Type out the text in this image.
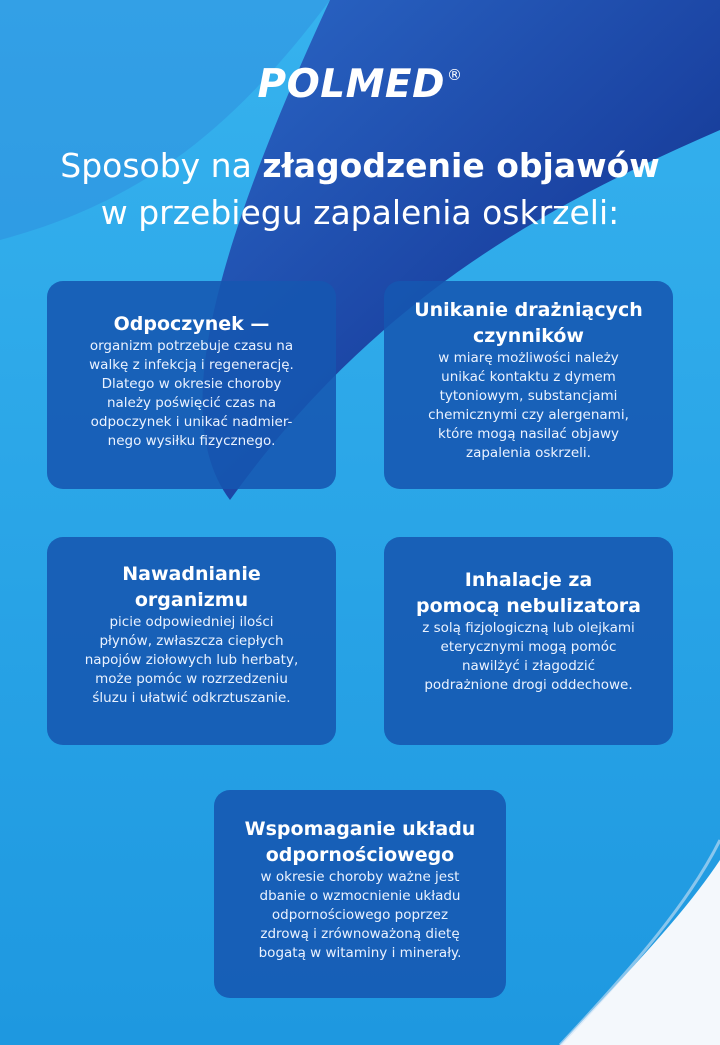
POLMED ®
Sposoby na złagodzenie objawów
w przebiegu zapalenia oskrzeli:
Odpoczynek —
organizm potrzebuje czasu na
walkę z infekcją i regenerację.
Dlatego w okresie choroby
należy poświęcić czas na
odpoczynek i unikać nadmier-
nego wysiłku fizycznego.
Unikanie drażniących
czynników
w miarę możliwości należy
unikać kontaktu z dymem
tytoniowym, substancjami
chemicznymi czy alergenami,
które mogą nasilać objawy
zapalenia oskrzeli.
Nawadnianie
organizmu
picie odpowiedniej ilości
płynów, zwłaszcza ciepłych
napojów ziołowych lub herbaty,
może pomóc w rozrzedzeniu
śluzu i ułatwić odkrztuszanie.
Inhalacje za
pomocą nebulizatora
z solą fizjologiczną lub olejkami
eterycznymi mogą pomóc
nawilżyć i złagodzić
podrażnione drogi oddechowe.
Wspomaganie układu
odpornościowego
w okresie choroby ważne jest
dbanie o wzmocnienie układu
odpornościowego poprzez
zdrową i zrównoważoną dietę
bogatą w witaminy i minerały.
